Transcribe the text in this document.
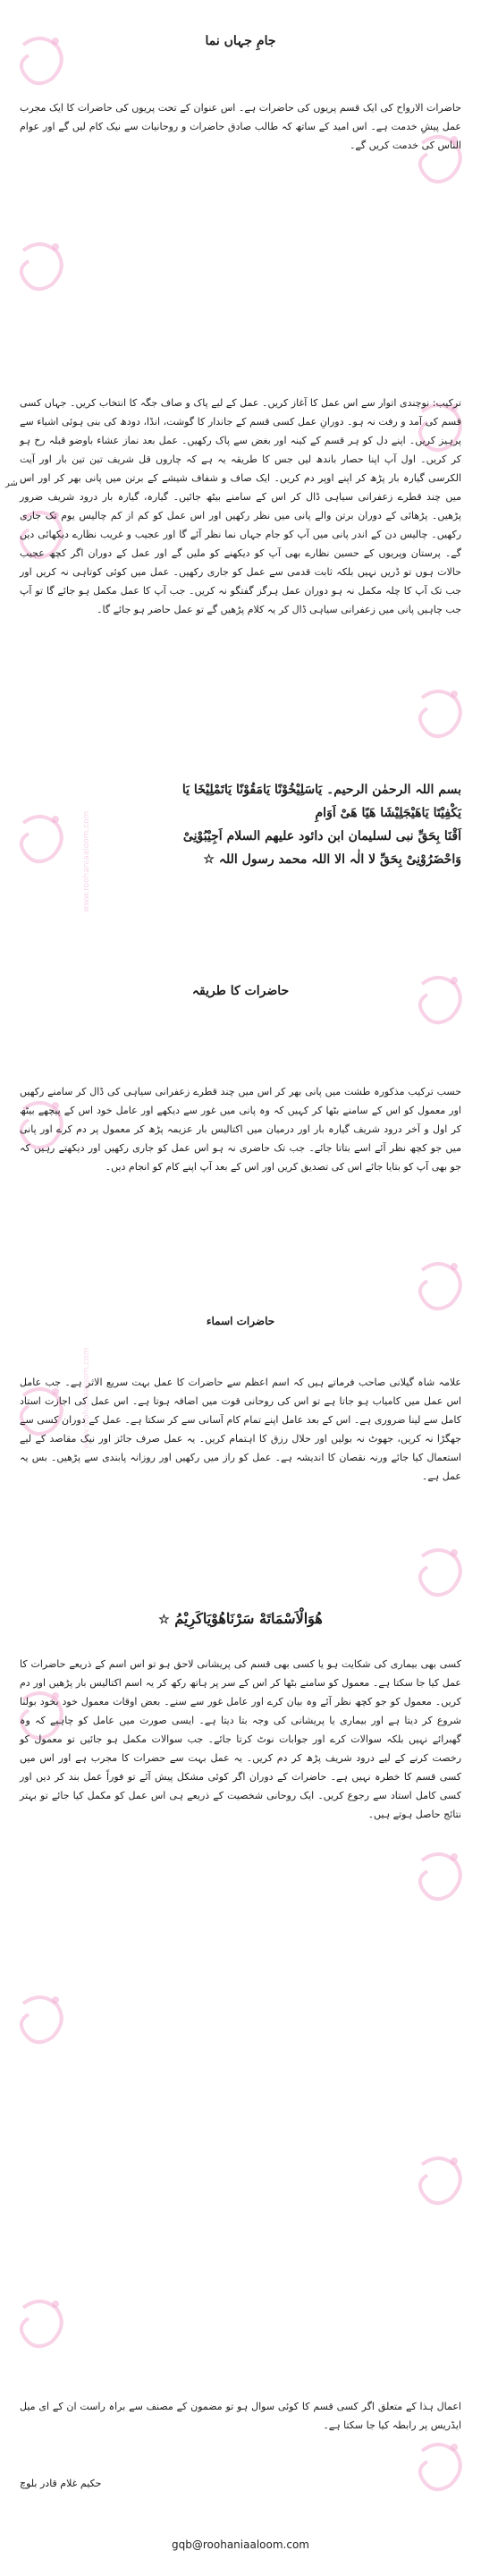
www.roohaniaaloom.com
www.roohaniaaloom.com
شر
جامِ جہاں نما
حاضرات الارواح کی ایک قسم پریوں کی حاضرات ہے۔ اس عنوان کے تحت پریوں کی حاضرات کا ایک مجرب عمل پیشِ خدمت ہے۔ اس امید کے ساتھ کہ طالب صادق حاضرات و روحانیات سے نیک کام لیں گے اور عوام الناس کی خدمت کریں گے۔
ترکیب: نوچندی اتوار سے اس عمل کا آغاز کریں۔ عمل کے لیے پاک و صاف جگہ کا انتخاب کریں۔ جہاں کسی قسم کی آمد و رفت نہ ہو۔ دورانِ عمل کسی قسم کے جاندار کا گوشت، انڈا، دودھ کی بنی ہوئی اشیاء سے پرہیز کریں۔ اپنے دل کو ہر قسم کے کینہ اور بغض سے پاک رکھیں۔ عمل بعد نماز عشاء باوضو قبلہ رخ ہو کر کریں۔ اول آپ اپنا حصار باندھ لیں جس کا طریقہ یہ ہے کہ چاروں قل شریف تین تین بار اور آیت الکرسی گیارہ بار پڑھ کر اپنے اوپر دم کریں۔ ایک صاف و شفاف شیشے کے برتن میں پانی بھر کر اور اس میں چند قطرے زعفرانی سیاہی ڈال کر اس کے سامنے بیٹھ جائیں۔ گیارہ، گیارہ بار درود شریف ضرور پڑھیں۔ پڑھائی کے دوران برتن والے پانی میں نظر رکھیں اور اس عمل کو کم از کم چالیس یوم تک جاری رکھیں۔ چالیس دن کے اندر پانی میں آپ کو جام جہاں نما نظر آئے گا اور عجیب و غریب نظارے دیکھائی دیں گے۔ پرستان وپریوں کے حسین نظارے بھی آپ کو دیکھنے کو ملیں گے اور عمل کے دوران اگر کچھ عجیب حالات ہوں تو ڈریں نہیں بلکہ ثابت قدمی سے عمل کو جاری رکھیں۔ عمل میں کوئی کوتاہی نہ کریں اور جب تک آپ کا چلہ مکمل نہ ہو دوران عمل ہرگز گفتگو نہ کریں۔ جب آپ کا عمل مکمل ہو جائے گا تو آپ جب چاہیں پانی میں زعفرانی سیاہی ڈال کر یہ کلام پڑھیں گے تو عمل حاضر ہو جائے گا۔
بسم اللہ الرحمٰن الرحیم۔ یَاسَلِیْخُوْنًا یَامَقُوْنًا یَاتَمْلِیْخَا یَا
یَکْفِیْتَا یَاهَیْجَلِیْشَا هَیًا هَیْ اَوَامِ
اَقْنَا بِحَقِّ نبی لسلیمان ابن دائود علیهم السلام اَجِیْبُوْنِیْ
وَاحْضَرُوْنِیْ بِحَقِّ لا الٰہ الا اللہ محمد رسول اللہ ☆
حاضرات کا طریقہ
حسب ترکیب مذکورہ طشت میں پانی بھر کر اس میں چند قطرے زعفرانی سیاہی کی ڈال کر سامنے رکھیں اور معمول کو اس کے سامنے بٹھا کر کہیں کہ وہ پانی میں غور سے دیکھے اور عامل خود اس کے پیچھے بیٹھ کر اول و آخر درود شریف گیارہ بار اور درمیان میں اکتالیس بار عزیمہ پڑھ کر معمول پر دم کرے اور پانی میں جو کچھ نظر آئے اسے بتاتا جائے۔ جب تک حاضری نہ ہو اس عمل کو جاری رکھیں اور دیکھتے رہیں کہ جو بھی آپ کو بتایا جائے اس کی تصدیق کریں اور اس کے بعد آپ اپنے کام کو انجام دیں۔
حاضرات اسماء
علامہ شاہ گیلانی صاحب فرماتے ہیں کہ اسم اعظم سے حاضرات کا عمل بہت سریع الاثر ہے۔ جب عامل اس عمل میں کامیاب ہو جاتا ہے تو اس کی روحانی قوت میں اضافہ ہوتا ہے۔ اس عمل کی اجازت استاد کامل سے لینا ضروری ہے۔ اس کے بعد عامل اپنے تمام کام آسانی سے کر سکتا ہے۔ عمل کے دوران کسی سے جھگڑا نہ کریں، جھوٹ نہ بولیں اور حلال رزق کا اہتمام کریں۔ یہ عمل صرف جائز اور نیک مقاصد کے لیے استعمال کیا جائے ورنہ نقصان کا اندیشہ ہے۔ عمل کو راز میں رکھیں اور روزانہ پابندی سے پڑھیں۔ بس یہ عمل ہے۔
ھُوَالْاَسْمَاتَهْ سَرْنَاھُوْیَاکَرِیْمُ ☆
کسی بھی بیماری کی شکایت ہو یا کسی بھی قسم کی پریشانی لاحق ہو تو اس اسم کے ذریعے حاضرات کا عمل کیا جا سکتا ہے۔ معمول کو سامنے بٹھا کر اس کے سر پر ہاتھ رکھ کر یہ اسم اکتالیس بار پڑھیں اور دم کریں۔ معمول کو جو کچھ نظر آئے وہ بیان کرے اور عامل غور سے سنے۔ بعض اوقات معمول خود بخود بولنا شروع کر دیتا ہے اور بیماری یا پریشانی کی وجہ بتا دیتا ہے۔ ایسی صورت میں عامل کو چاہیے کہ وہ گھبرائے نہیں بلکہ سوالات کرے اور جوابات نوٹ کرتا جائے۔ جب سوالات مکمل ہو جائیں تو معمول کو رخصت کرنے کے لیے درود شریف پڑھ کر دم کریں۔ یہ عمل بہت سے حضرات کا مجرب ہے اور اس میں کسی قسم کا خطرہ نہیں ہے۔ حاضرات کے دوران اگر کوئی مشکل پیش آئے تو فوراً عمل بند کر دیں اور کسی کامل استاد سے رجوع کریں۔ ایک روحانی شخصیت کے ذریعے ہی اس عمل کو مکمل کیا جائے تو بہتر نتائج حاصل ہوتے ہیں۔
اعمال ہذا کے متعلق اگر کسی قسم کا کوئی سوال ہو تو مضمون کے مصنف سے براہ راست ان کے ای میل ایڈریس پر رابطہ کیا جا سکتا ہے۔
حکیم غلام قادر بلوچ
gqb@roohaniaaloom.com
